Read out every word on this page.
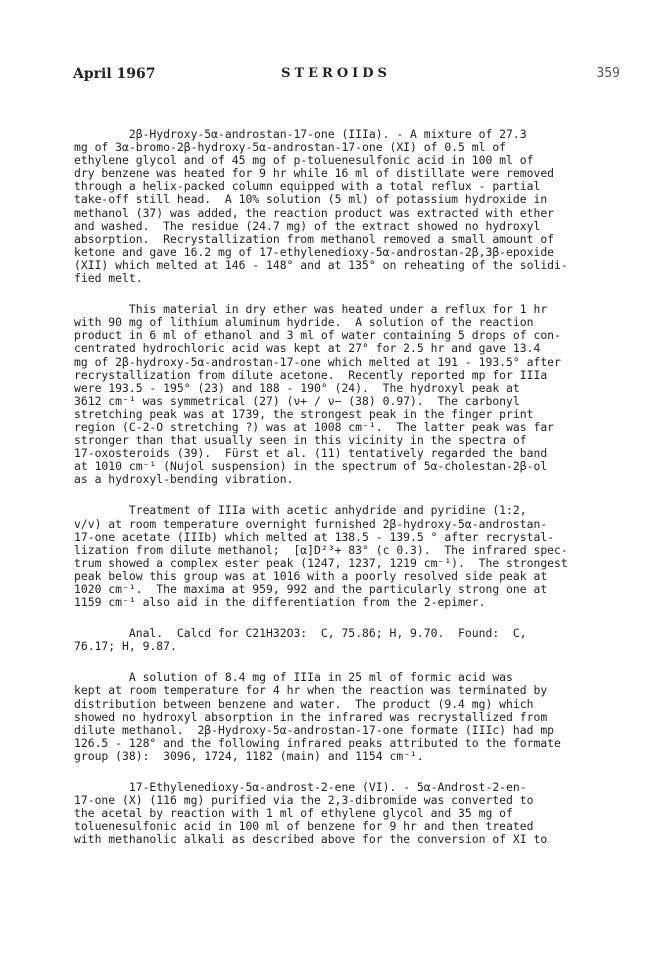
April 1967	STEROIDS	359
2β-Hydroxy-5α-androstan-17-one (IIIa). - A mixture of 27.3
mg of 3α-bromo-2β-hydroxy-5α-androstan-17-one (XI) of 0.5 ml of
ethylene glycol and of 45 mg of p-toluenesulfonic acid in 100 ml of
dry benzene was heated for 9 hr while 16 ml of distillate were removed
through a helix-packed column equipped with a total reflux - partial
take-off still head.  A 10% solution (5 ml) of potassium hydroxide in
methanol (37) was added, the reaction product was extracted with ether
and washed.  The residue (24.7 mg) of the extract showed no hydroxyl
absorption.  Recrystallization from methanol removed a small amount of
ketone and gave 16.2 mg of 17-ethylenedioxy-5α-androstan-2β,3β-epoxide
(XII) which melted at 146 - 148° and at 135° on reheating of the solidi-
fied melt.
This material in dry ether was heated under a reflux for 1 hr
with 90 mg of lithium aluminum hydride.  A solution of the reaction
product in 6 ml of ethanol and 3 ml of water containing 5 drops of con-
centrated hydrochloric acid was kept at 27° for 2.5 hr and gave 13.4
mg of 2β-hydroxy-5α-androstan-17-one which melted at 191 - 193.5° after
recrystallization from dilute acetone.  Recently reported mp for IIIa
were 193.5 - 195° (23) and 188 - 190° (24).  The hydroxyl peak at
3612 cm⁻¹ was symmetrical (27) (ν+ / ν− (38) 0.97).  The carbonyl
stretching peak was at 1739, the strongest peak in the finger print
region (C-2-O stretching ?) was at 1008 cm⁻¹.  The latter peak was far
stronger than that usually seen in this vicinity in the spectra of
17-oxosteroids (39).  Fürst et al. (11) tentatively regarded the band
at 1010 cm⁻¹ (Nujol suspension) in the spectrum of 5α-cholestan-2β-ol
as a hydroxyl-bending vibration.
Treatment of IIIa with acetic anhydride and pyridine (1:2,
v/v) at room temperature overnight furnished 2β-hydroxy-5α-androstan-
17-one acetate (IIIb) which melted at 138.5 - 139.5 ° after recrystal-
lization from dilute methanol;  [α]D²³+ 83° (c 0.3).  The infrared spec-
trum showed a complex ester peak (1247, 1237, 1219 cm⁻¹).  The strongest
peak below this group was at 1016 with a poorly resolved side peak at
1020 cm⁻¹.  The maxima at 959, 992 and the particularly strong one at
1159 cm⁻¹ also aid in the differentiation from the 2-epimer.
Anal.  Calcd for C21H32O3:  C, 75.86; H, 9.70.  Found:  C,
76.17; H, 9.87.
A solution of 8.4 mg of IIIa in 25 ml of formic acid was
kept at room temperature for 4 hr when the reaction was terminated by
distribution between benzene and water.  The product (9.4 mg) which
showed no hydroxyl absorption in the infrared was recrystallized from
dilute methanol.  2β-Hydroxy-5α-androstan-17-one formate (IIIc) had mp
126.5 - 128° and the following infrared peaks attributed to the formate
group (38):  3096, 1724, 1182 (main) and 1154 cm⁻¹.
17-Ethylenedioxy-5α-androst-2-ene (VI). - 5α-Androst-2-en-
17-one (X) (116 mg) purified via the 2,3-dibromide was converted to
the acetal by reaction with 1 ml of ethylene glycol and 35 mg of
toluenesulfonic acid in 100 ml of benzene for 9 hr and then treated
with methanolic alkali as described above for the conversion of XI to
